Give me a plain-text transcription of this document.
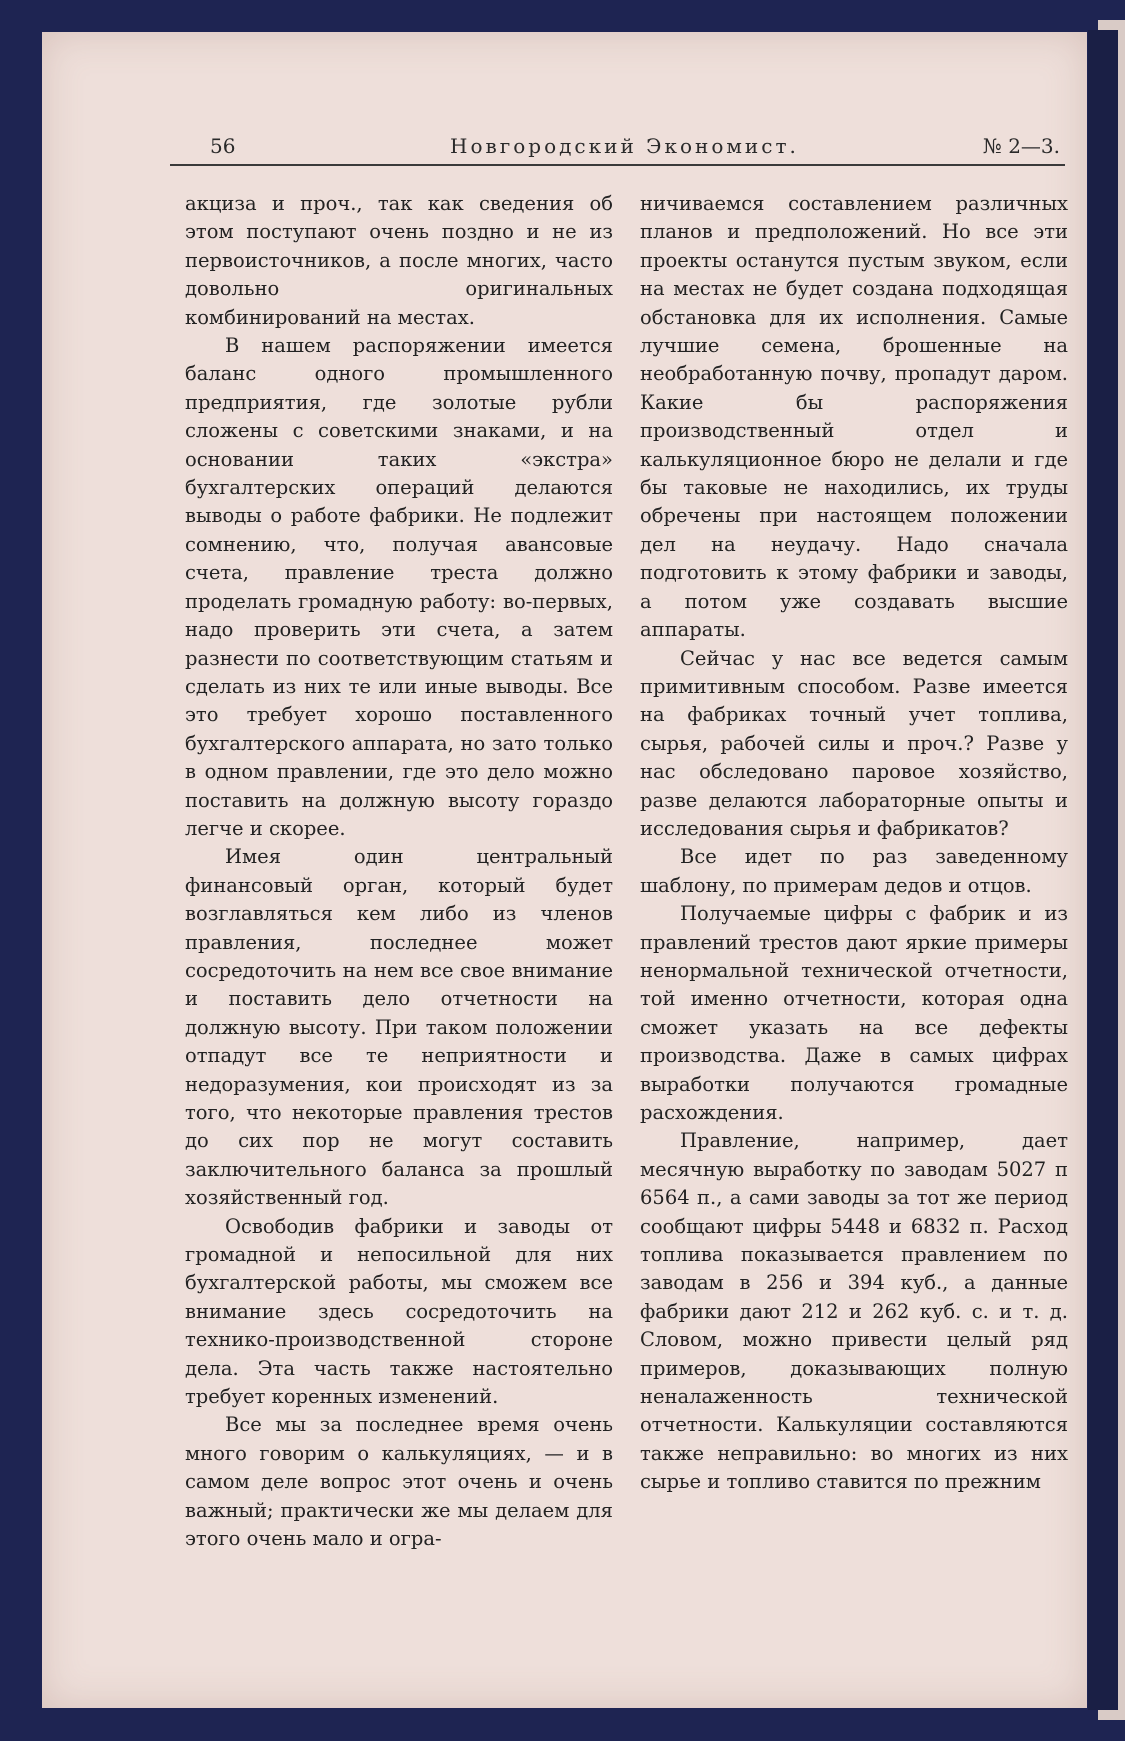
56	Новгородский Экономист.	№ 2—3.

акциза и проч., так как сведения об этом поступают очень поздно и не из первоисточников, а после многих, часто довольно оригинальных комбинирований на местах.

В нашем распоряжении имеется баланс одного промышленного предприятия, где золотые рубли сложены с советскими знаками, и на основании таких «экстра» бухгалтерских операций делаются выводы о работе фабрики. Не подлежит сомнению, что, получая авансовые счета, правление треста должно проделать громадную работу: во-первых, надо проверить эти счета, а затем разнести по соответствующим статьям и сделать из них те или иные выводы. Все это требует хорошо поставленного бухгалтерского аппарата, но зато только в одном правлении, где это дело можно поставить на должную высоту гораздо легче и скорее.

Имея один центральный финансовый орган, который будет возглавляться кем либо из членов правления, последнее может сосредоточить на нем все свое внимание и поставить дело отчетности на должную высоту. При таком положении отпадут все те неприятности и недоразумения, кои происходят из за того, что некоторые правления трестов до сих пор не могут составить заключительного баланса за прошлый хозяйственный год.

Освободив фабрики и заводы от громадной и непосильной для них бухгалтерской работы, мы сможем все внимание здесь сосредоточить на технико-производственной стороне дела. Эта часть также настоятельно требует коренных изменений.

Все мы за последнее время очень много говорим о калькуляциях, — и в самом деле вопрос этот очень и очень важный; практически же мы делаем для этого очень мало и огра-

ничиваемся составлением различных планов и предположений. Но все эти проекты останутся пустым звуком, если на местах не будет создана подходящая обстановка для их исполнения. Самые лучшие семена, брошенные на необработанную почву, пропадут даром. Какие бы распоряжения производственный отдел и калькуляционное бюро не делали и где бы таковые не находились, их труды обречены при настоящем положении дел на неудачу. Надо сначала подготовить к этому фабрики и заводы, а потом уже создавать высшие аппараты.

Сейчас у нас все ведется самым примитивным способом. Разве имеется на фабриках точный учет топлива, сырья, рабочей силы и проч.? Разве у нас обследовано паровое хозяйство, разве делаются лабораторные опыты и исследования сырья и фабрикатов?

Все идет по раз заведенному шаблону, по примерам дедов и отцов.

Получаемые цифры с фабрик и из правлений трестов дают яркие примеры ненормальной технической отчетности, той именно отчетности, которая одна сможет указать на все дефекты производства. Даже в самых цифрах выработки получаются громадные расхождения.

Правление, например, дает месячную выработку по заводам 5027 п 6564 п., а сами заводы за тот же период сообщают цифры 5448 и 6832 п. Расход топлива показывается правлением по заводам в 256 и 394 куб., а данные фабрики дают 212 и 262 куб. с. и т. д. Словом, можно привести целый ряд примеров, доказывающих полную неналаженность технической отчетности. Калькуляции составляются также неправильно: во многих из них сырье и топливо ставится по прежним
